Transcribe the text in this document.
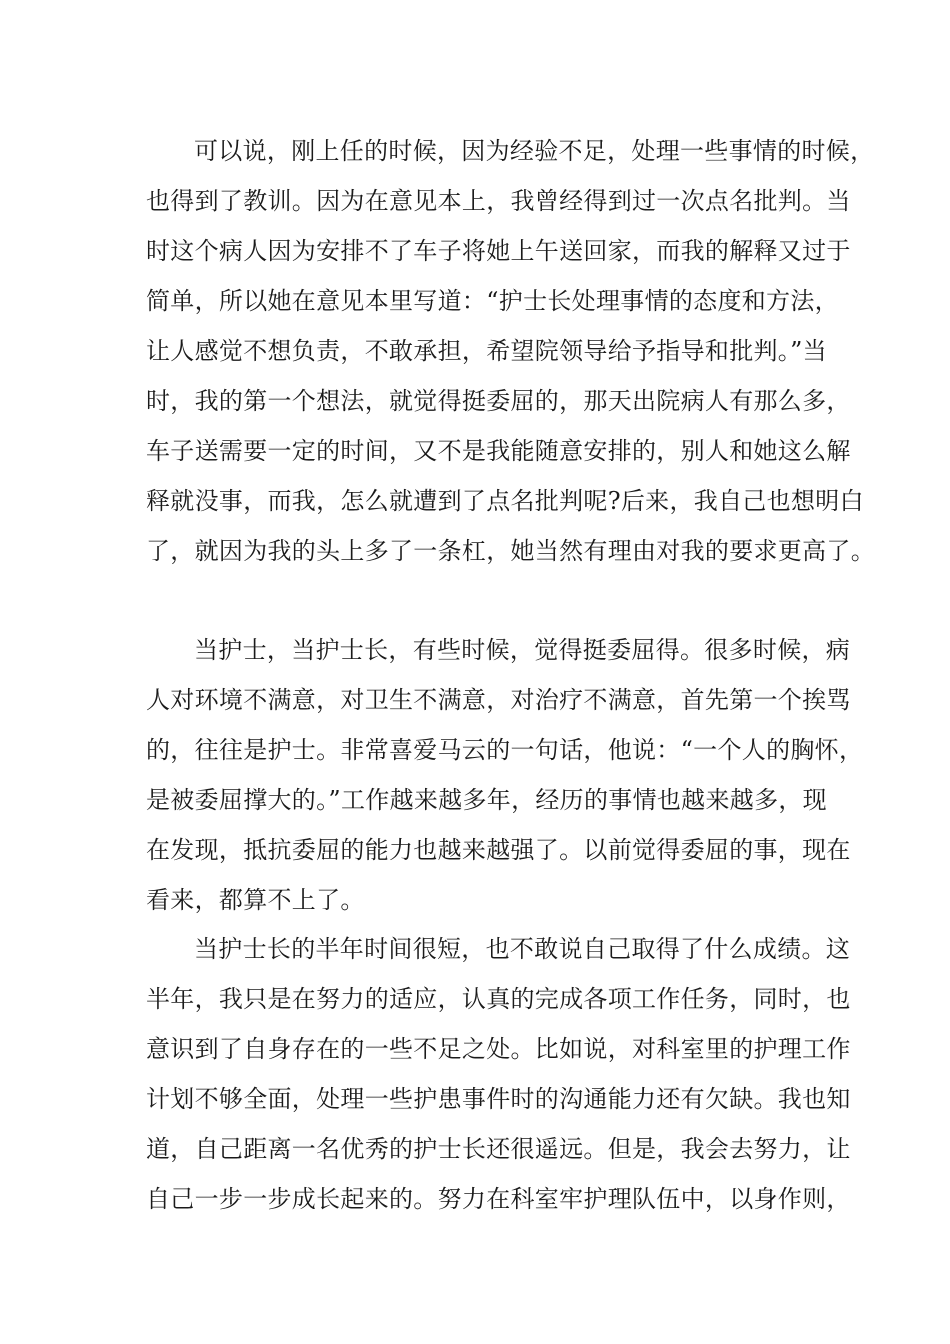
可以说，刚上任的时候，因为经验不足，处理一些事情的时候，
也得到了教训。因为在意见本上，我曾经得到过一次点名批判。当
时这个病人因为安排不了车子将她上午送回家，而我的解释又过于
简单，所以她在意见本里写道：“护士长处理事情的态度和方法，
让人感觉不想负责，不敢承担，希望院领导给予指导和批判。”当
时，我的第一个想法，就觉得挺委屈的，那天出院病人有那么多，
车子送需要一定的时间，又不是我能随意安排的，别人和她这么解
释就没事，而我，怎么就遭到了点名批判呢?后来，我自己也想明白
了，就因为我的头上多了一条杠，她当然有理由对我的要求更高了。
当护士，当护士长，有些时候，觉得挺委屈得。很多时候，病
人对环境不满意，对卫生不满意，对治疗不满意，首先第一个挨骂
的，往往是护士。非常喜爱马云的一句话，他说：“一个人的胸怀，
是被委屈撑大的。”工作越来越多年，经历的事情也越来越多，现
在发现，抵抗委屈的能力也越来越强了。以前觉得委屈的事，现在
看来，都算不上了。
当护士长的半年时间很短，也不敢说自己取得了什么成绩。这
半年，我只是在努力的适应，认真的完成各项工作任务，同时，也
意识到了自身存在的一些不足之处。比如说，对科室里的护理工作
计划不够全面，处理一些护患事件时的沟通能力还有欠缺。我也知
道，自己距离一名优秀的护士长还很遥远。但是，我会去努力，让
自己一步一步成长起来的。努力在科室牢护理队伍中，以身作则，
